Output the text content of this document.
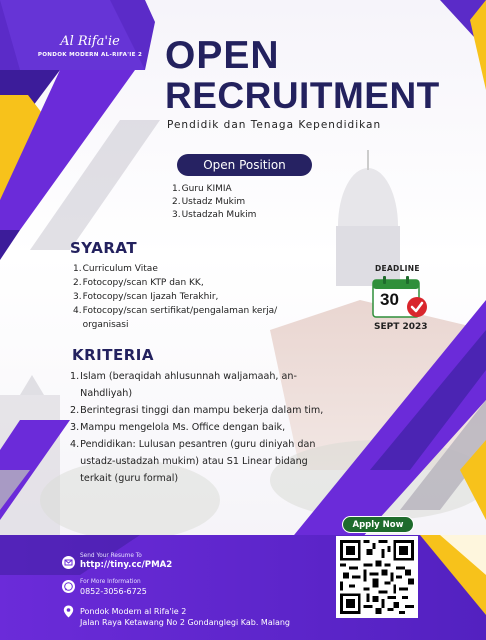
Al Rifa'ie
PONDOK MODERN AL-RIFA'IE 2 OPEN
RECRUITMENT
Pendidik dan Tenaga Kependidikan
Open Position
1. Guru KIMIA
2. Ustadz Mukim
3. Ustadzah Mukim
SYARAT
1. Curriculum Vitae
2. Fotocopy/scan KTP dan KK,
3. Fotocopy/scan Ijazah Terakhir,
4. Fotocopy/scan sertifikat/pengalaman kerja/ organisasi
KRITERIA
1. Islam (beraqidah ahlusunnah waljamaah, an-Nahdliyah)
2. Berintegrasi tinggi dan mampu bekerja dalam tim,
3. Mampu mengelola Ms. Office dengan baik,
4. Pendidikan: Lulusan pesantren (guru diniyah dan ustadz-ustadzah mukim) atau S1 Linear bidang terkait (guru formal)
DEADLINE
30
SEPT 2023
Apply Now
Send Your Resume To
http://tiny.cc/PMA2
For More Information
0852-3056-6725
Pondok Modern al Rifa'ie 2
Jalan Raya Ketawang No 2 Gondanglegi Kab. Malang
